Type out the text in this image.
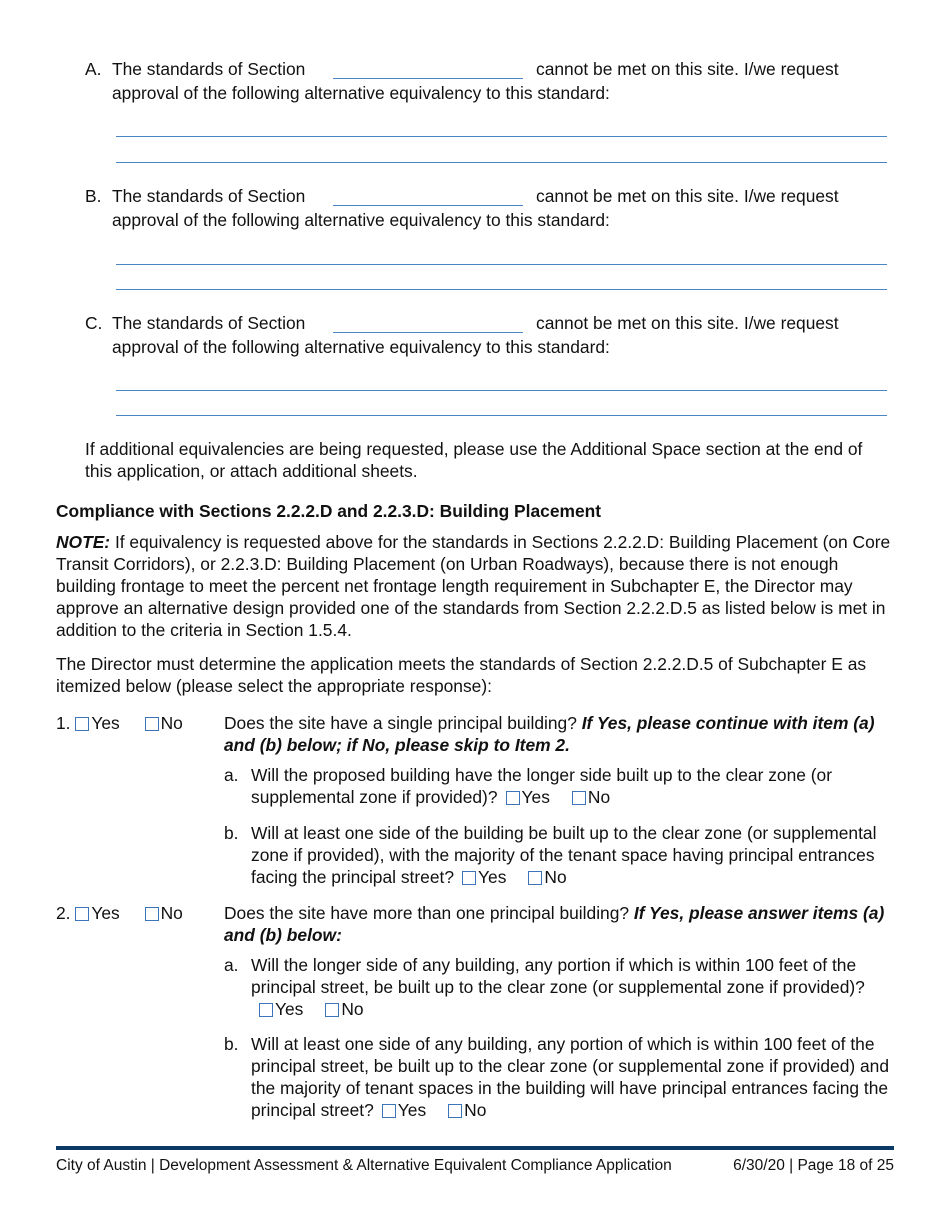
A. The standards of Section	cannot be met on this site. I/we request
approval of the following alternative equivalency to this standard:
B. The standards of Section	cannot be met on this site. I/we request
approval of the following alternative equivalency to this standard:
C. The standards of Section	cannot be met on this site. I/we request
approval of the following alternative equivalency to this standard:
If additional equivalencies are being requested, please use the Additional Space section at the end of this application, or attach additional sheets.
Compliance with Sections 2.2.2.D and 2.2.3.D: Building Placement
NOTE: If equivalency is requested above for the standards in Sections 2.2.2.D: Building Placement (on Core Transit Corridors), or 2.2.3.D: Building Placement (on Urban Roadways), because there is not enough building frontage to meet the percent net frontage length requirement in Subchapter E, the Director may approve an alternative design provided one of the standards from Section 2.2.2.D.5 as listed below is met in addition to the criteria in Section 1.5.4.
The Director must determine the application meets the standards of Section 2.2.2.D.5 of Subchapter E as itemized below (please select the appropriate response):
1. Yes No Does the site have a single principal building? If Yes, please continue with item (a) and (b) below; if No, please skip to Item 2.
a. Will the proposed building have the longer side built up to the clear zone (or supplemental zone if provided)? Yes No
b. Will at least one side of the building be built up to the clear zone (or supplemental zone if provided), with the majority of the tenant space having principal entrances facing the principal street? Yes No
2. Yes No Does the site have more than one principal building? If Yes, please answer items (a) and (b) below:
a. Will the longer side of any building, any portion if which is within 100 feet of the principal street, be built up to the clear zone (or supplemental zone if provided)?Yes No
b. Will at least one side of any building, any portion of which is within 100 feet of the principal street, be built up to the clear zone (or supplemental zone if provided) and the majority of tenant spaces in the building will have principal entrances facing the principal street? Yes No
City of Austin | Development Assessment & Alternative Equivalent Compliance Application	6/30/20 | Page 18 of 25
